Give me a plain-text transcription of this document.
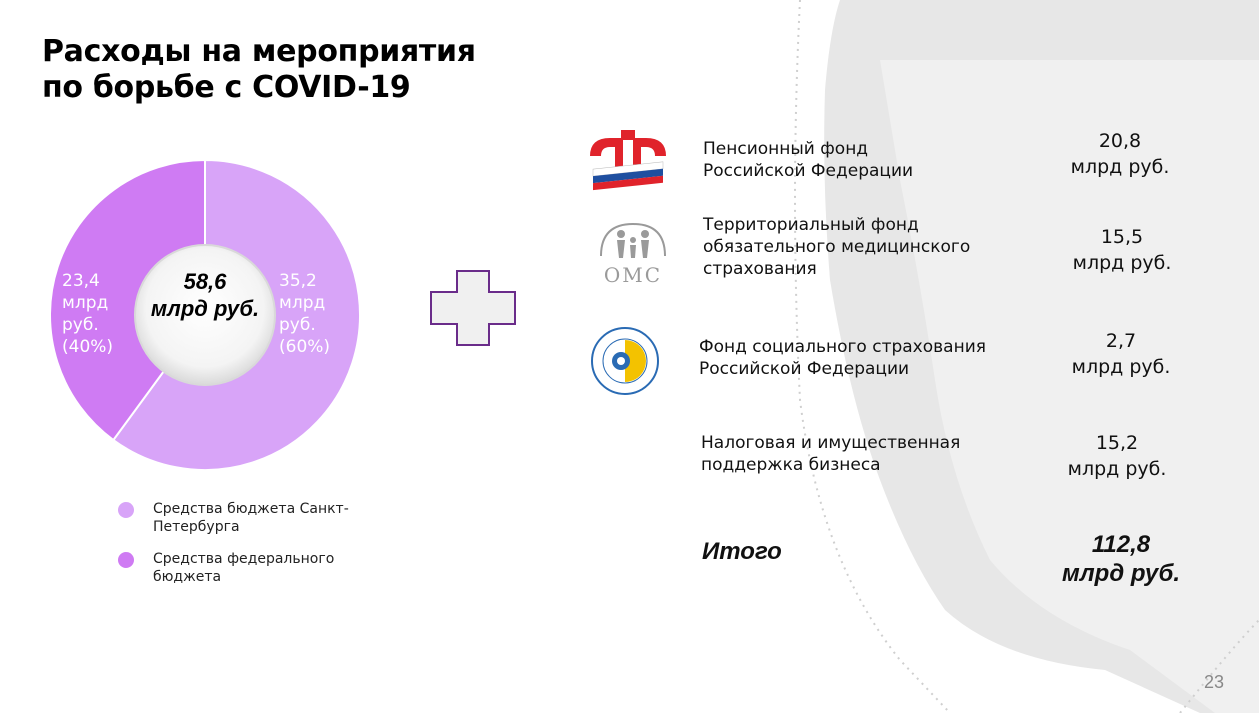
Расходы на мероприятия
по борьбе с COVID-19
58,6
млрд руб.
35,2
млрд
руб.
(60%)
23,4
млрд
руб.
(40%)
Средства бюджета Санкт-Петербурга
Средства федерального бюджета
ОМС
Пенсионный фонд
Российской Федерации
20,8
млрд руб.
Территориальный фонд
обязательного медицинского
страхования
15,5
млрд руб.
Фонд социального страхования
Российской Федерации
2,7
млрд руб.
Налоговая и имущественная
поддержка бизнеса
15,2
млрд руб.
Итого	112,8
млрд руб.
23
